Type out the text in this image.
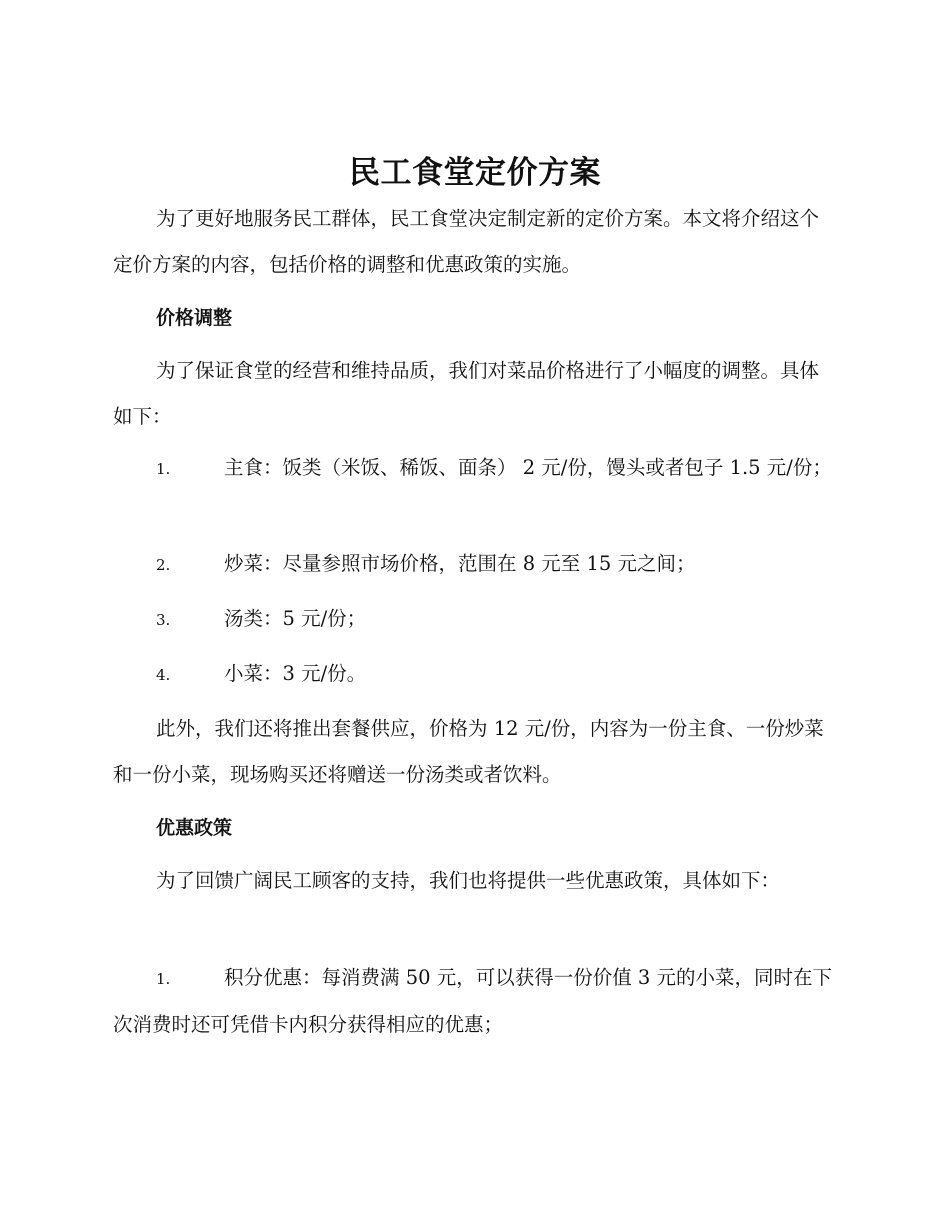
民工食堂定价方案

为了更好地服务民工群体，民工食堂决定制定新的定价方案。本文将介绍这个定价方案的内容，包括价格的调整和优惠政策的实施。

价格调整

为了保证食堂的经营和维持品质，我们对菜品价格进行了小幅度的调整。具体如下：

1.	主食：饭类（米饭、稀饭、面条） 2 元/份，馒头或者包子 1.5 元/份；

2.	炒菜：尽量参照市场价格，范围在 8 元至 15 元之间；

3.	汤类：5 元/份；

4.	小菜：3 元/份。

此外，我们还将推出套餐供应，价格为 12 元/份，内容为一份主食、一份炒菜和一份小菜，现场购买还将赠送一份汤类或者饮料。

优惠政策

为了回馈广阔民工顾客的支持，我们也将提供一些优惠政策，具体如下：

1.	积分优惠：每消费满 50 元，可以获得一份价值 3 元的小菜，同时在下次消费时还可凭借卡内积分获得相应的优惠；
